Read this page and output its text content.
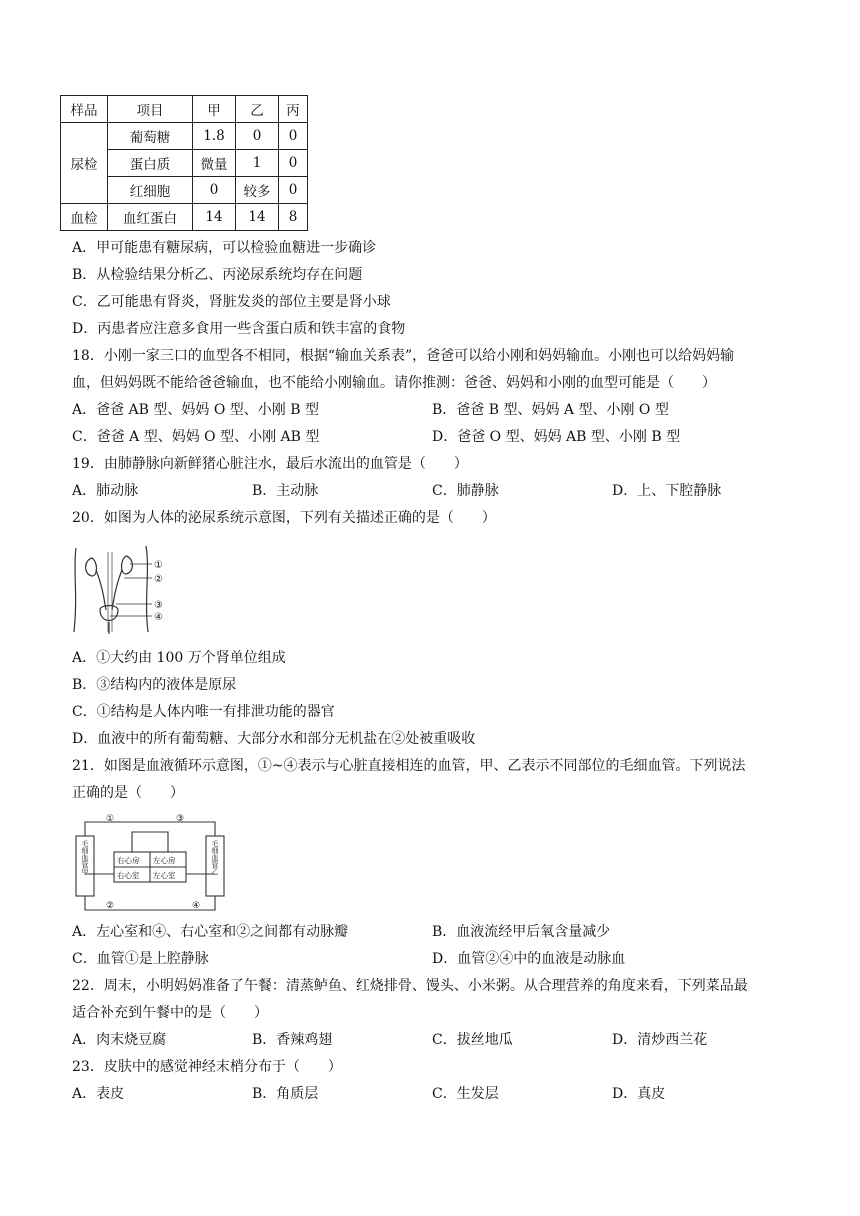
样品	项目	甲	乙	丙
尿检	葡萄糖	1.8	0	0
	蛋白质	微量	1	0
	红细胞	0	较多	0
血检	血红蛋白	14	14	8
A．甲可能患有糖尿病，可以检验血糖进一步确诊
B．从检验结果分析乙、丙泌尿系统均存在问题
C．乙可能患有肾炎，肾脏发炎的部位主要是肾小球
D．丙患者应注意多食用一些含蛋白质和铁丰富的食物
18．小刚一家三口的血型各不相同，根据“输血关系表”，爸爸可以给小刚和妈妈输血。小刚也可以给妈妈输
血，但妈妈既不能给爸爸输血，也不能给小刚输血。请你推测：爸爸、妈妈和小刚的血型可能是（　　）
A．爸爸 AB 型、妈妈 O 型、小刚 B 型	B．爸爸 B 型、妈妈 A 型、小刚 O 型
C．爸爸 A 型、妈妈 O 型、小刚 AB 型	D．爸爸 O 型、妈妈 AB 型、小刚 B 型
19．由肺静脉向新鲜猪心脏注水，最后水流出的血管是（　　）
A．肺动脉	B．主动脉	C．肺静脉	D．上、下腔静脉
20．如图为人体的泌尿系统示意图，下列有关描述正确的是（　　）
①
②
③
④
A．①大约由 100 万个肾单位组成
B．③结构内的液体是原尿
C．①结构是人体内唯一有排泄功能的器官
D．血液中的所有葡萄糖、大部分水和部分无机盐在②处被重吸收
21．如图是血液循环示意图，①~④表示与心脏直接相连的血管，甲、乙表示不同部位的毛细血管。下列说法
正确的是（　　）
右心房 左心房
右心室 左心室
毛细血管甲	毛细血管乙
①	③
②	④
A．左心室和④、右心室和②之间都有动脉瓣	B．血液流经甲后氧含量减少
C．血管①是上腔静脉	D．血管②④中的血液是动脉血
22．周末，小明妈妈准备了午餐：清蒸鲈鱼、红烧排骨、馒头、小米粥。从合理营养的角度来看，下列菜品最
适合补充到午餐中的是（　　）
A．肉末烧豆腐	B．香辣鸡翅	C．拔丝地瓜	D．清炒西兰花
23．皮肤中的感觉神经末梢分布于（　　）
A．表皮	B．角质层	C．生发层	D．真皮
